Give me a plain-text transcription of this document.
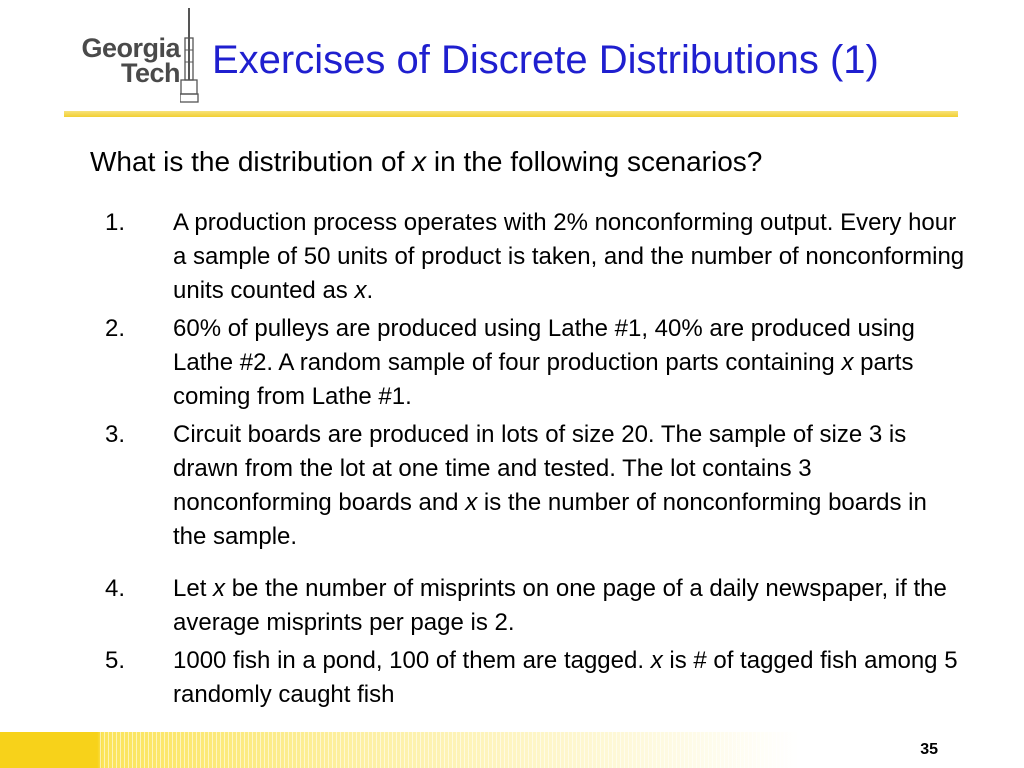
Georgia
Tech Exercises of Discrete Distributions (1)
What is the distribution of x in the following scenarios?
1. A production process operates with 2% nonconforming output. Every hour a sample of 50 units of product is taken, and the number of nonconforming units counted as x.
2. 60% of pulleys are produced using Lathe #1, 40% are produced using Lathe #2. A random sample of four production parts containing x parts coming from Lathe #1.
3. Circuit boards are produced in lots of size 20. The sample of size 3 is drawn from the lot at one time and tested. The lot contains 3 nonconforming boards and x is the number of nonconforming boards in the sample.
4. Let x be the number of misprints on one page of a daily newspaper, if the average misprints per page is 2.
5. 1000 fish in a pond, 100 of them are tagged. x is # of tagged fish among 5 randomly caught fish
35
